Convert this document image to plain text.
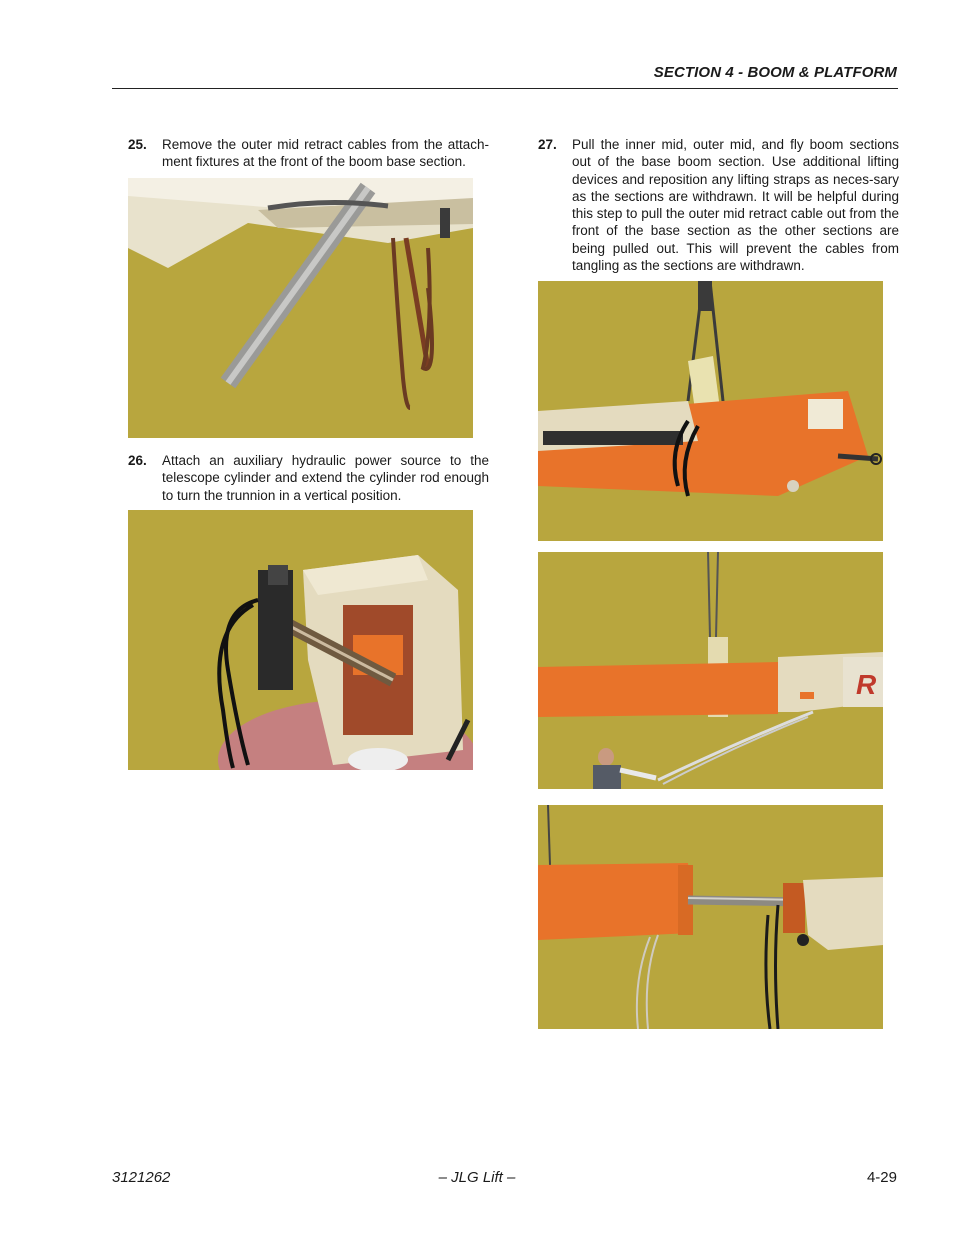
SECTION 4 - BOOM & PLATFORM
25. Remove the outer mid retract cables from the attach-ment fixtures at the front of the boom base section.
26. Attach an auxiliary hydraulic power source to the telescope cylinder and extend the cylinder rod enough to turn the trunnion in a vertical position.
27. Pull the inner mid, outer mid, and fly boom sections out of the base boom section. Use additional lifting devices and reposition any lifting straps as neces-sary as the sections are withdrawn. It will be helpful during this step to pull the outer mid retract cable out from the front of the base section as the other sections are being pulled out. This will prevent the cables from tangling as the sections are withdrawn.
R
3121262	– JLG Lift –	4-29
